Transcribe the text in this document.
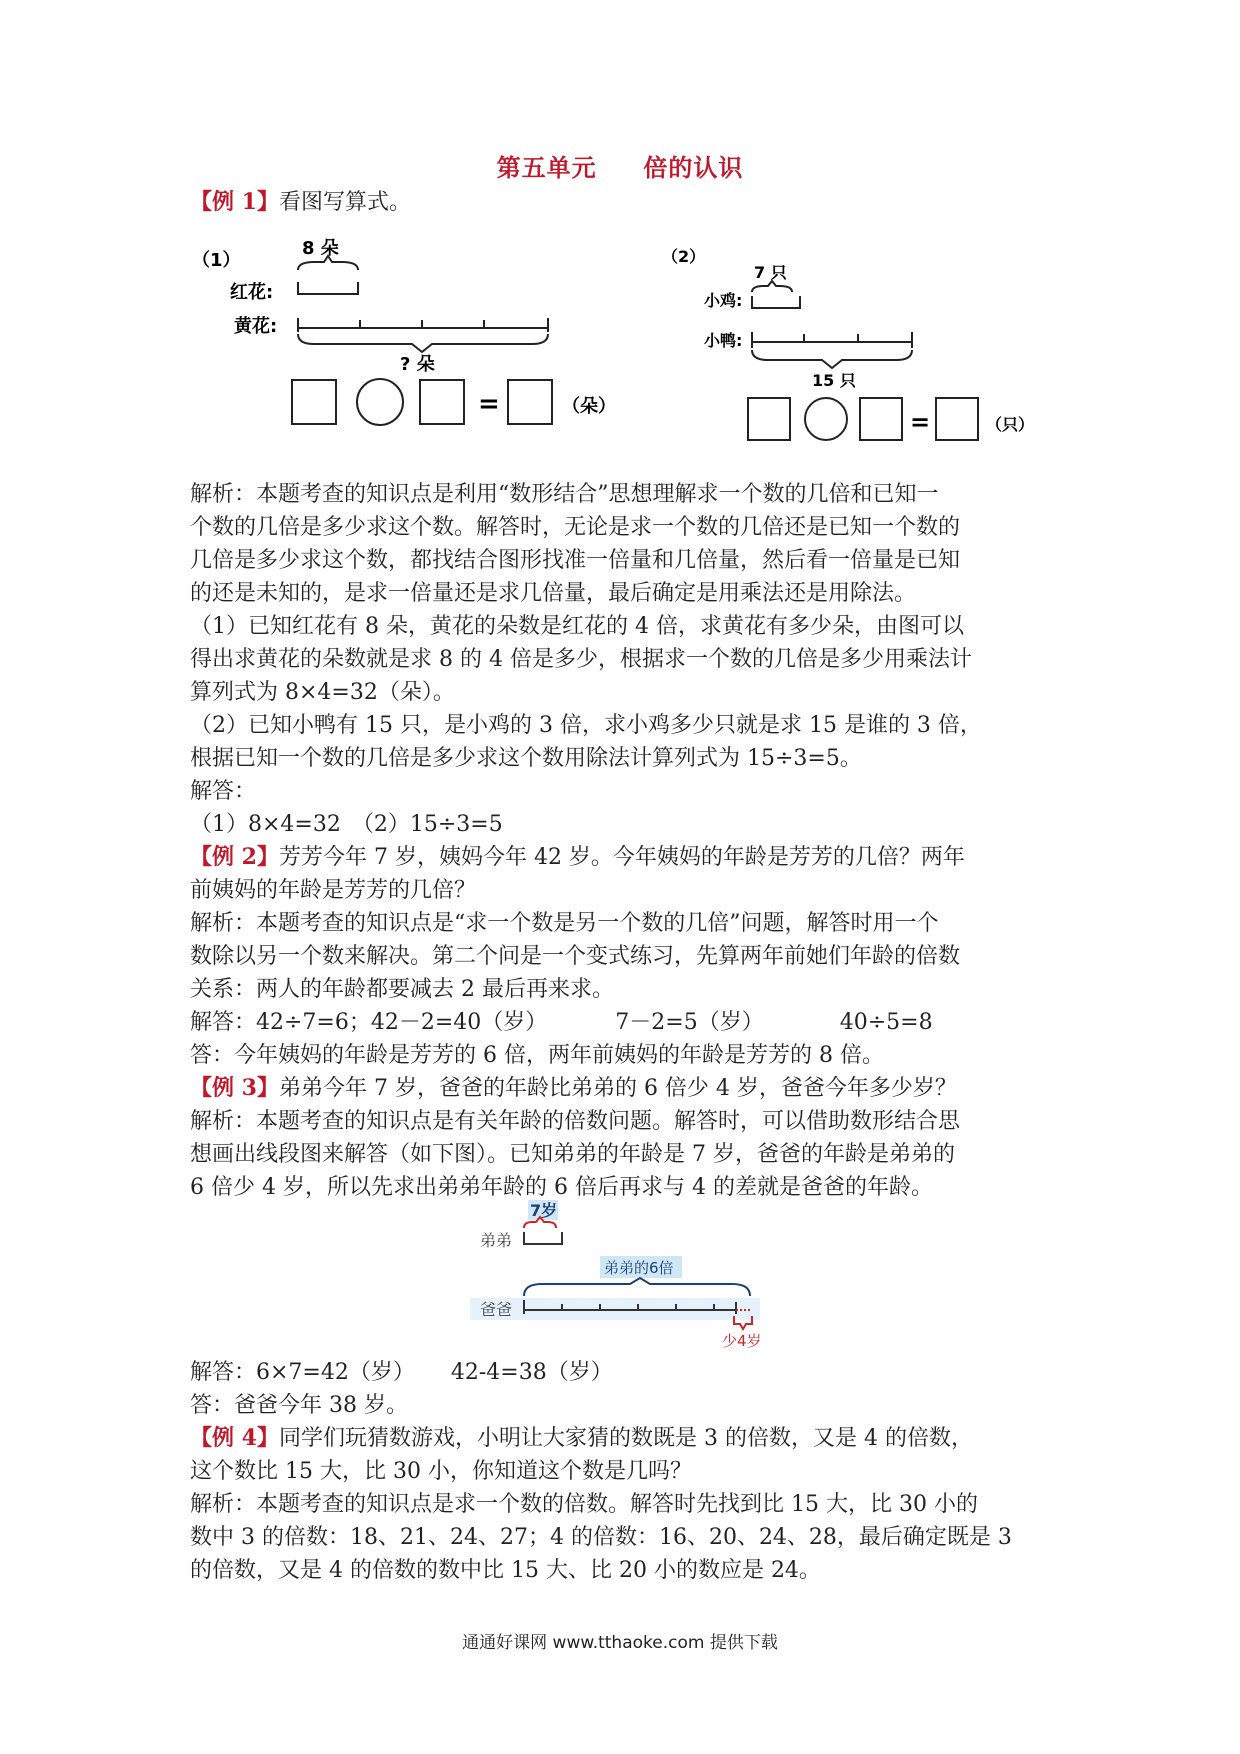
第五单元 倍的认识

【例 1】看图写算式。

（1）
8 朵
红花:
黄花:
? 朵
=	（朵）
（2）
7 只
小鸡:
小鸭:
15 只
=	（只）

解析：本题考查的知识点是利用“数形结合”思想理解求一个数的几倍和已知一

个数的几倍是多少求这个数。解答时，无论是求一个数的几倍还是已知一个数的

几倍是多少求这个数，都找结合图形找准一倍量和几倍量，然后看一倍量是已知

的还是未知的，是求一倍量还是求几倍量，最后确定是用乘法还是用除法。

（1）已知红花有 8 朵，黄花的朵数是红花的 4 倍，求黄花有多少朵，由图可以

得出求黄花的朵数就是求 8 的 4 倍是多少，根据求一个数的几倍是多少用乘法计

算列式为 8×4=32（朵）。

（2）已知小鸭有 15 只，是小鸡的 3 倍，求小鸡多少只就是求 15 是谁的 3 倍，

根据已知一个数的几倍是多少求这个数用除法计算列式为 15÷3=5。

解答：

（1）8×4=32　（2）15÷3=5

【例 2】芳芳今年 7 岁，姨妈今年 42 岁。今年姨妈的年龄是芳芳的几倍？两年

前姨妈的年龄是芳芳的几倍？

解析：本题考查的知识点是“求一个数是另一个数的几倍”问题，解答时用一个

数除以另一个数来解决。第二个问是一个变式练习，先算两年前她们年龄的倍数

关系：两人的年龄都要减去 2 最后再来求。

解答：42÷7=6；42－2=40（岁）	7－2=5（岁）	40÷5=8

答：今年姨妈的年龄是芳芳的 6 倍，两年前姨妈的年龄是芳芳的 8 倍。

【例 3】弟弟今年 7 岁，爸爸的年龄比弟弟的 6 倍少 4 岁，爸爸今年多少岁？

解析：本题考查的知识点是有关年龄的倍数问题。解答时，可以借助数形结合思

想画出线段图来解答（如下图）。已知弟弟的年龄是 7 岁，爸爸的年龄是弟弟的

6 倍少 4 岁，所以先求出弟弟年龄的 6 倍后再求与 4 的差就是爸爸的年龄。

7岁
弟弟
弟弟的6倍
爸爸
少4岁

解答：6×7=42（岁） 42-4=38（岁）

答：爸爸今年 38 岁。

【例 4】同学们玩猜数游戏，小明让大家猜的数既是 3 的倍数，又是 4 的倍数，

这个数比 15 大，比 30 小，你知道这个数是几吗？

解析：本题考查的知识点是求一个数的倍数。解答时先找到比 15 大，比 30 小的

数中 3 的倍数：18、21、24、27；4 的倍数：16、20、24、28，最后确定既是 3

的倍数，又是 4 的倍数的数中比 15 大、比 20 小的数应是 24。

通通好课网 www.tthaoke.com 提供下载
